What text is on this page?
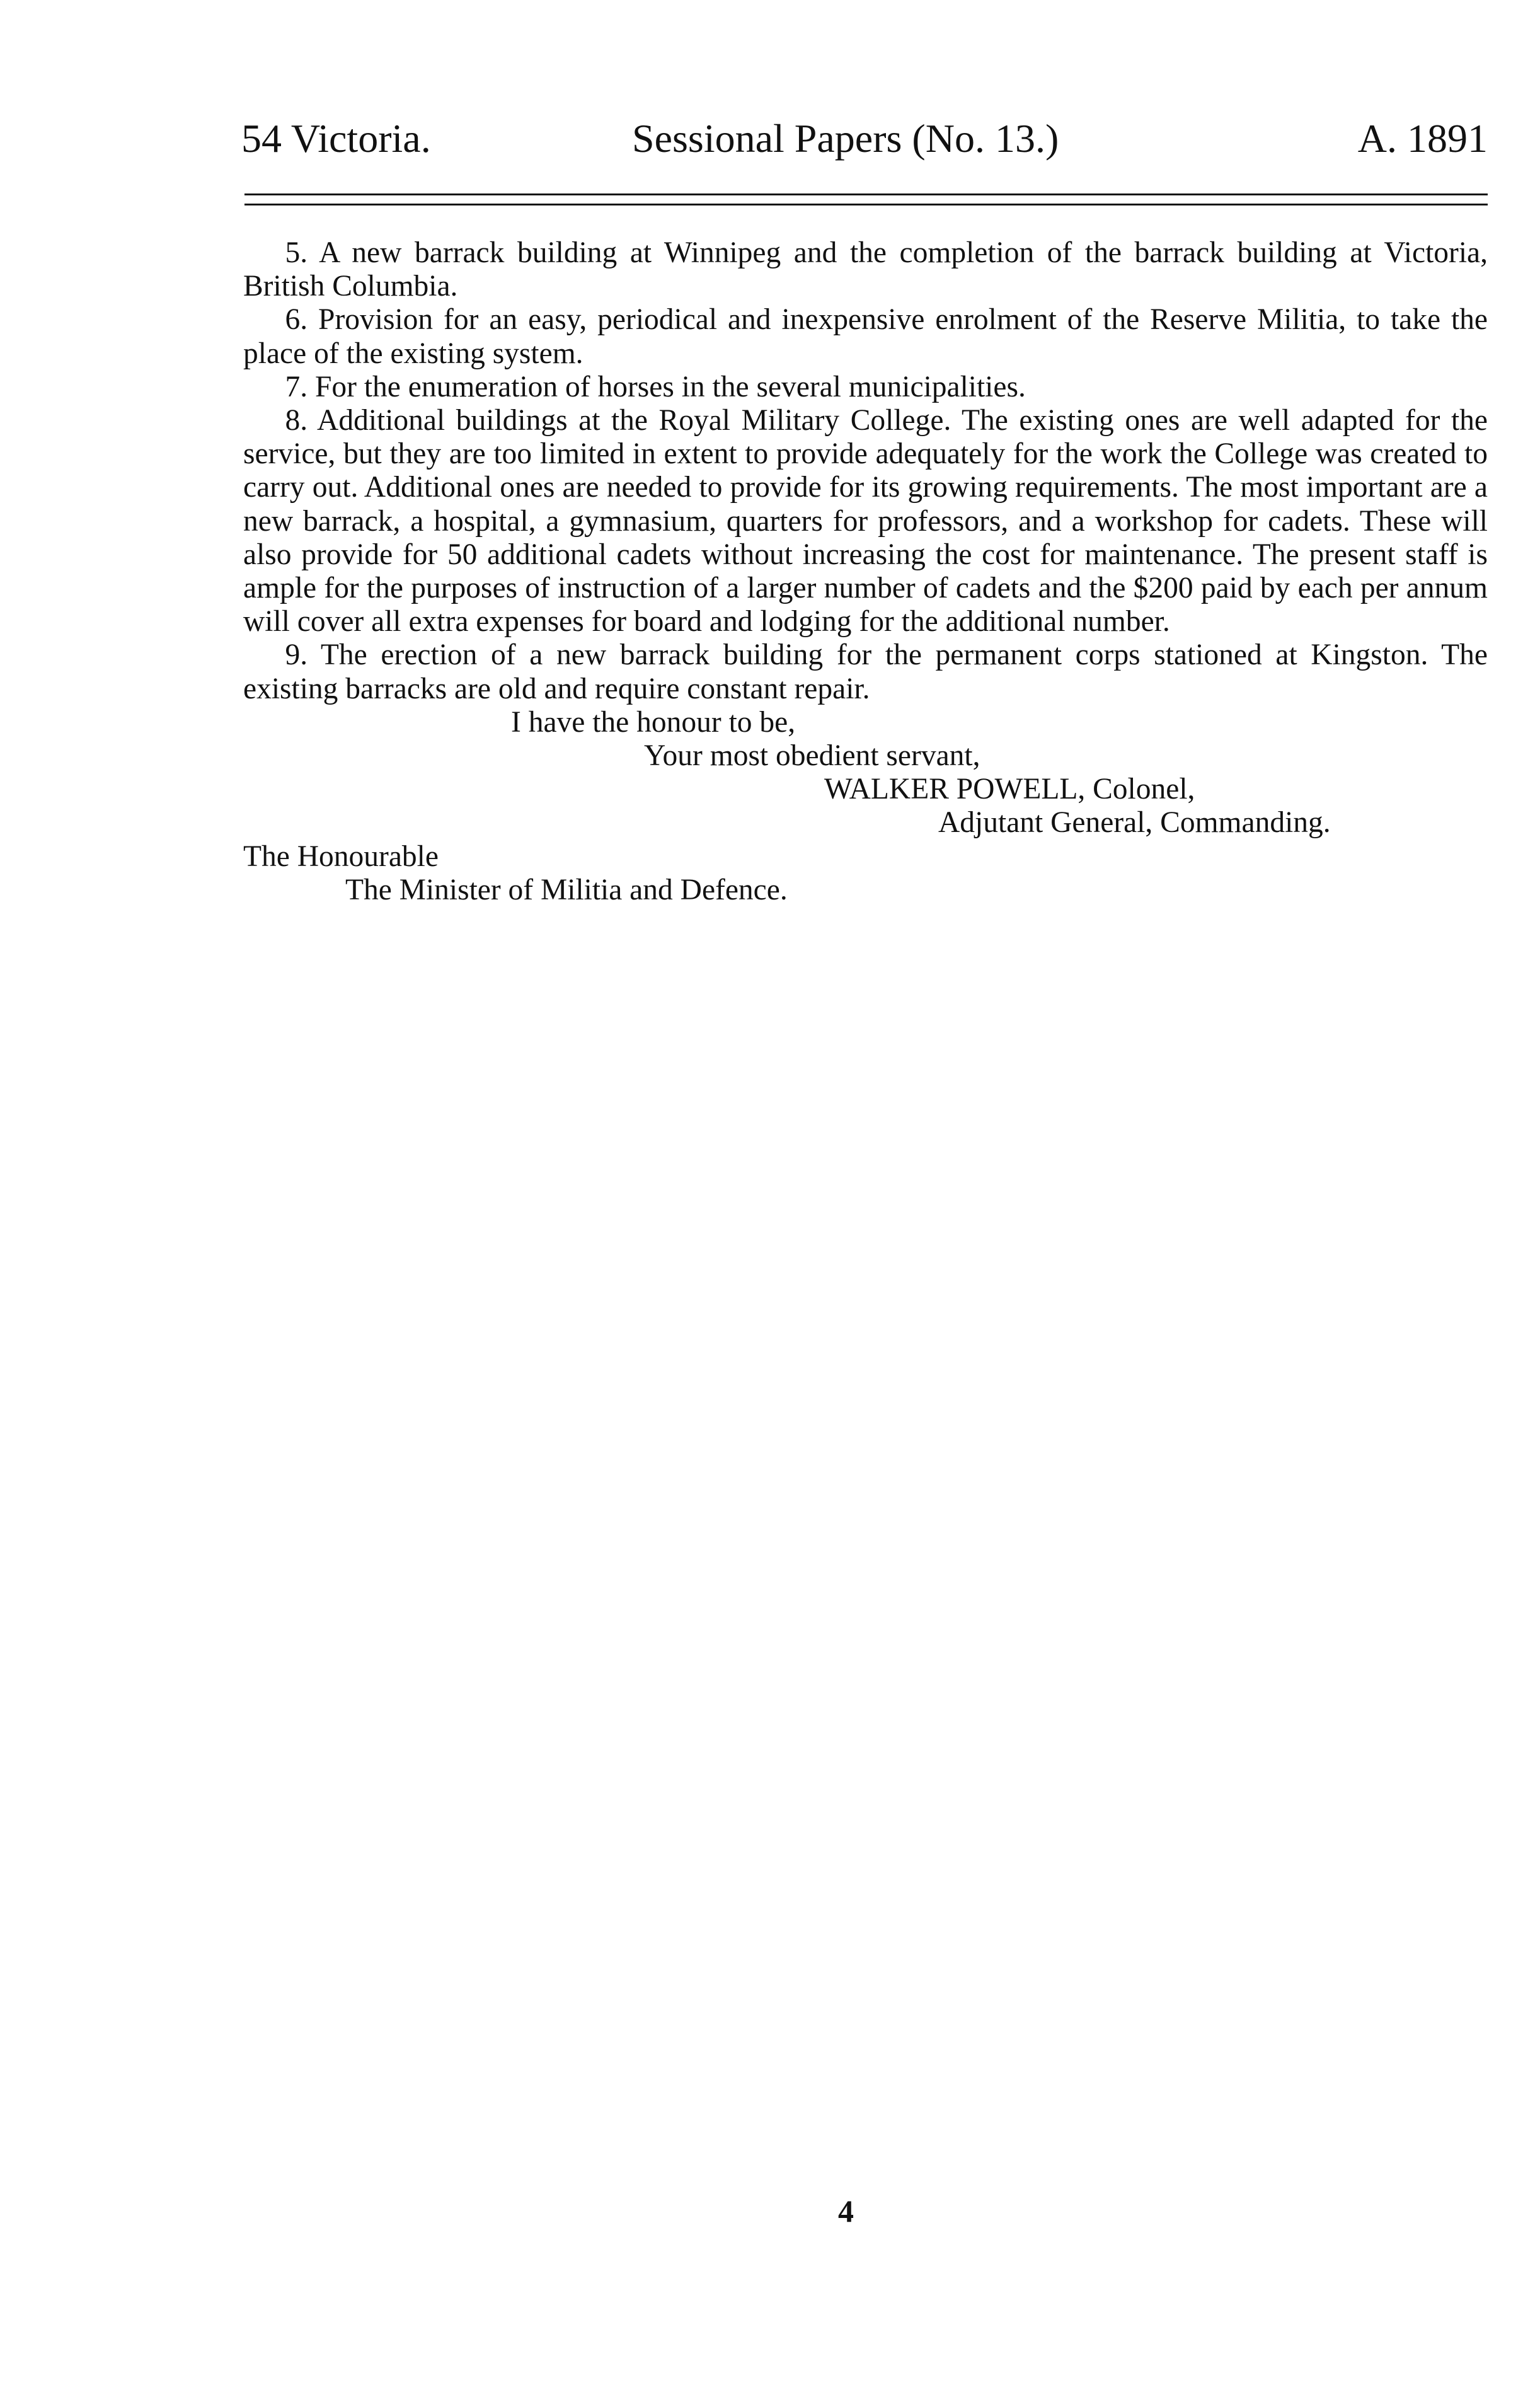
54 Victoria.	Sessional Papers (No. 13.)	A. 1891

5. A new barrack building at Winnipeg and the completion of the barrack building at Victoria, British Columbia.

6. Provision for an easy, periodical and inexpensive enrolment of the Reserve Militia, to take the place of the existing system.

7. For the enumeration of horses in the several municipalities.

8. Additional buildings at the Royal Military College. The existing ones are well adapted for the service, but they are too limited in extent to provide adequately for the work the College was created to carry out. Additional ones are needed to provide for its growing requirements. The most important are a new barrack, a hospital, a gymnasium, quarters for professors, and a workshop for cadets. These will also provide for 50 additional cadets without increasing the cost for maintenance. The present staff is ample for the purposes of instruction of a larger number of cadets and the $200 paid by each per annum will cover all extra expenses for board and lodging for the additional number.

9. The erection of a new barrack building for the permanent corps stationed at Kingston. The existing barracks are old and require constant repair.

I have the honour to be,

Your most obedient servant,

WALKER POWELL, Colonel,

Adjutant General, Commanding.

The Honourable

The Minister of Militia and Defence.

4
